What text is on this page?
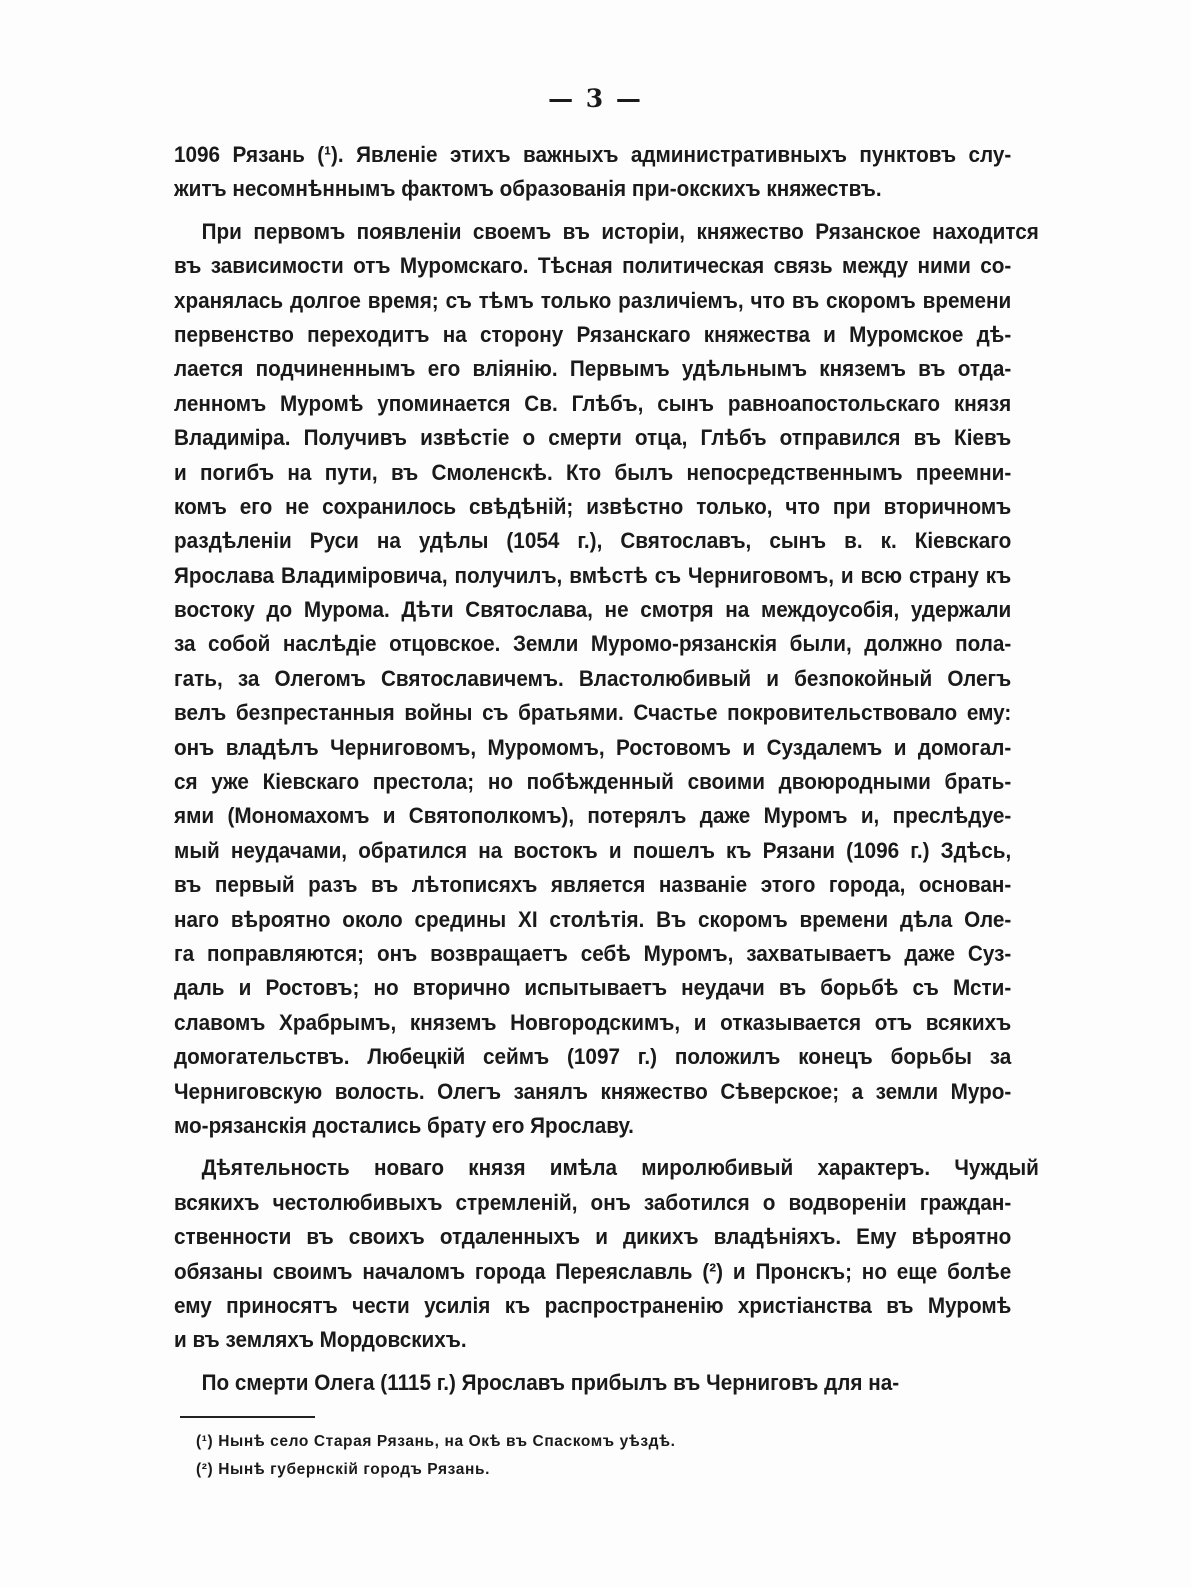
— 3 —
1096 Рязань (¹). Явленіе этихъ важныхъ административныхъ пунктовъ слу-
житъ несомнѣннымъ фактомъ образованія при-окскихъ княжествъ.
При первомъ появленіи своемъ въ исторіи, княжество Рязанское находится
въ зависимости отъ Муромскаго. Тѣсная политическая связь между ними со-
хранялась долгое время; съ тѣмъ только различіемъ, что въ скоромъ времени
первенство переходитъ на сторону Рязанскаго княжества и Муромское дѣ-
лается подчиненнымъ его вліянію. Первымъ удѣльнымъ княземъ въ отда-
ленномъ Муромѣ упоминается Св. Глѣбъ, сынъ равноапостольскаго князя
Владиміра. Получивъ извѣстіе о смерти отца, Глѣбъ отправился въ Кіевъ
и погибъ на пути, въ Смоленскѣ. Кто былъ непосредственнымъ преемни-
комъ его не сохранилось свѣдѣній; извѣстно только, что при вторичномъ
раздѣленіи Руси на удѣлы (1054 г.), Святославъ, сынъ в. к. Кіевскаго
Ярослава Владиміровича, получилъ, вмѣстѣ съ Черниговомъ, и всю страну къ
востоку до Мурома. Дѣти Святослава, не смотря на междоусобія, удержали
за собой наслѣдіе отцовское. Земли Муромо-рязанскія были, должно пола-
гать, за Олегомъ Святославичемъ. Властолюбивый и безпокойный Олегъ
велъ безпрестанныя войны съ братьями. Счастье покровительствовало ему:
онъ владѣлъ Черниговомъ, Муромомъ, Ростовомъ и Суздалемъ и домогал-
ся уже Кіевскаго престола; но побѣжденный своими двоюродными брать-
ями (Мономахомъ и Святополкомъ), потерялъ даже Муромъ и, преслѣдуе-
мый неудачами, обратился на востокъ и пошелъ къ Рязани (1096 г.) Здѣсь,
въ первый разъ въ лѣтописяхъ является названіе этого города, основан-
наго вѣроятно около средины XI столѣтія. Въ скоромъ времени дѣла Оле-
га поправляются; онъ возвращаетъ себѣ Муромъ, захватываетъ даже Суз-
даль и Ростовъ; но вторично испытываетъ неудачи въ борьбѣ съ Мсти-
славомъ Храбрымъ, княземъ Новгородскимъ, и отказывается отъ всякихъ
домогательствъ. Любецкій сеймъ (1097 г.) положилъ конецъ борьбы за
Черниговскую волость. Олегъ занялъ княжество Сѣверское; а земли Муро-
мо-рязанскія достались брату его Ярославу.
Дѣятельность новаго князя имѣла миролюбивый характеръ. Чуждый
всякихъ честолюбивыхъ стремленій, онъ заботился о водвореніи граждан-
ственности въ своихъ отдаленныхъ и дикихъ владѣніяхъ. Ему вѣроятно
обязаны своимъ началомъ города Переяславль (²) и Пронскъ; но еще болѣе
ему приносятъ чести усилія къ распространенію христіанства въ Муромѣ
и въ земляхъ Мордовскихъ.
По смерти Олега (1115 г.) Ярославъ прибылъ въ Черниговъ для на-
(¹) Нынѣ село Старая Рязань, на Окѣ въ Спаскомъ уѣздѣ.
(²) Нынѣ губернскій городъ Рязань.
